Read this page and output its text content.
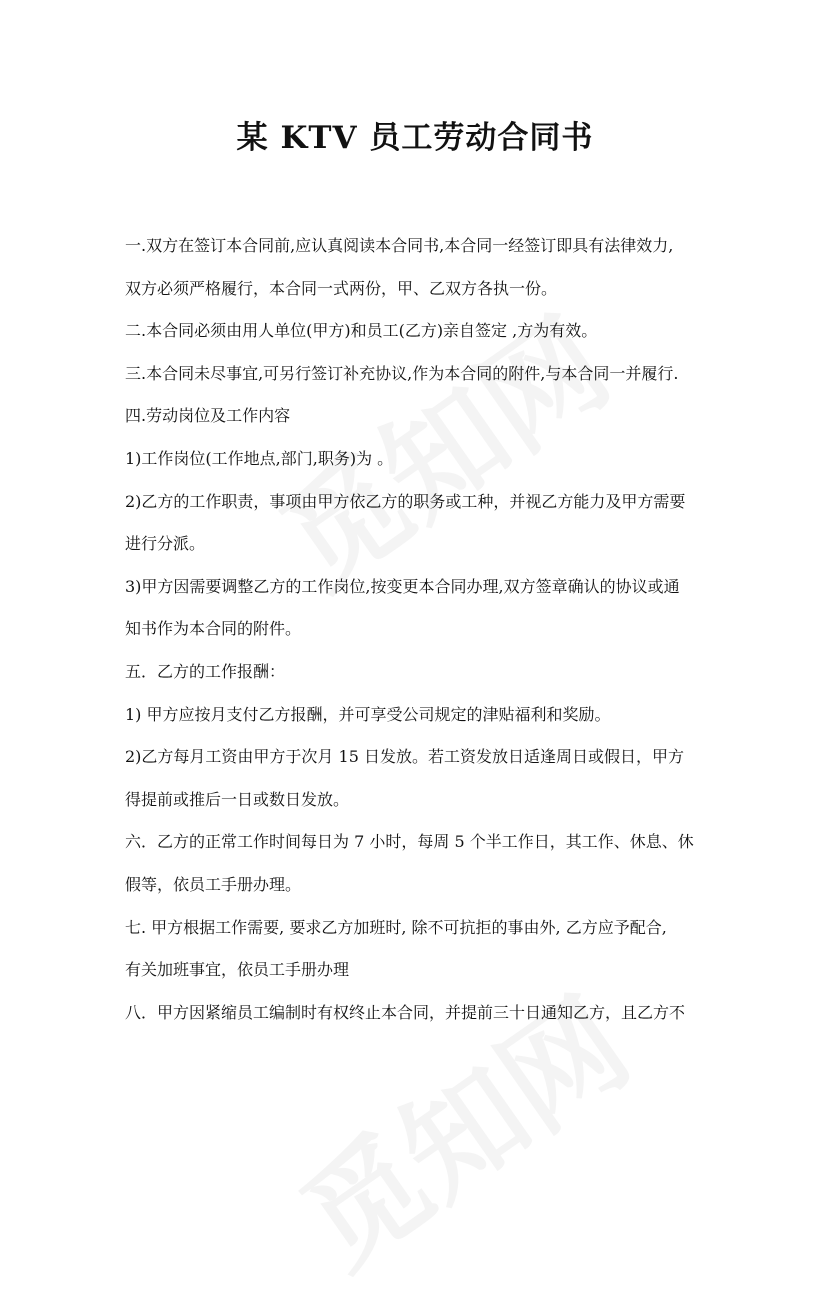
某 KTV 员工劳动合同书
一.双方在签订本合同前,应认真阅读本合同书,本合同一经签订即具有法律效力,
双方必须严格履行，本合同一式两份，甲、乙双方各执一份。
二.本合同必须由用人单位(甲方)和员工(乙方)亲自签定 ,方为有效。
三.本合同未尽事宜,可另行签订补充协议,作为本合同的附件,与本合同一并履行.
四.劳动岗位及工作内容
1)工作岗位(工作地点,部门,职务)为 。
2)乙方的工作职责，事项由甲方依乙方的职务或工种，并视乙方能力及甲方需要
进行分派。
3)甲方因需要调整乙方的工作岗位,按变更本合同办理,双方签章确认的协议或通
知书作为本合同的附件。
五．乙方的工作报酬：
1) 甲方应按月支付乙方报酬，并可享受公司规定的津贴福利和奖励。
2)乙方每月工资由甲方于次月 15 日发放。若工资发放日适逢周日或假日，甲方
得提前或推后一日或数日发放。
六．乙方的正常工作时间每日为 7 小时，每周 5 个半工作日，其工作、休息、休
假等，依员工手册办理。
七. 甲方根据工作需要, 要求乙方加班时, 除不可抗拒的事由外, 乙方应予配合,
有关加班事宜，依员工手册办理
八．甲方因紧缩员工编制时有权终止本合同，并提前三十日通知乙方，且乙方不
